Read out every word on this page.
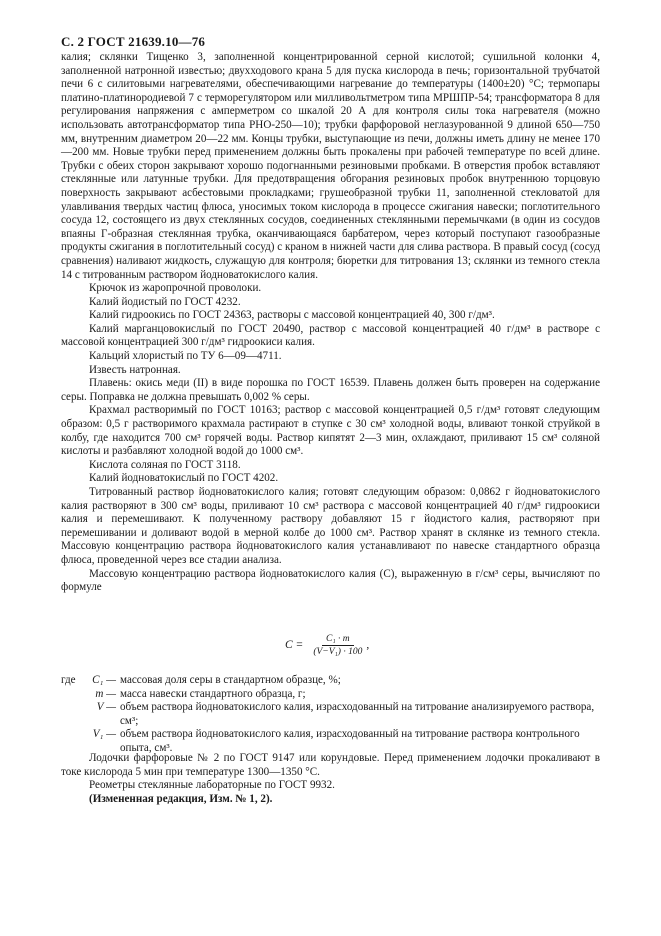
С. 2 ГОСТ 21639.10—76

калия; склянки Тищенко 3, заполненной концентрированной серной кислотой; сушильной колонки 4, заполненной натронной известью; двухходового крана 5 для пуска кислорода в печь; горизонтальной трубчатой печи 6 с силитовыми нагревателями, обеспечивающими нагревание до температуры (1400±20) °С; термопары платино-платинородиевой 7 с терморегулятором или милливольтметром типа МРШПР-54; трансформатора 8 для регулирования напряжения с амперметром со шкалой 20 А для контроля силы тока нагревателя (можно использовать автотрансформатор типа РНО-250—10); трубки фарфоровой неглазурованной 9 длиной 650—750 мм, внутренним диаметром 20—22 мм. Концы трубки, выступающие из печи, должны иметь длину не менее 170—200 мм. Новые трубки перед применением должны быть прокалены при рабочей температуре по всей длине. Трубки с обеих сторон закрывают хорошо подогнанными резиновыми пробками. В отверстия пробок вставляют стеклянные или латунные трубки. Для предотвращения обгорания резиновых пробок внутреннюю торцовую поверхность закрывают асбестовыми прокладками; грушеобразной трубки 11, заполненной стекловатой для улавливания твердых частиц флюса, уносимых током кислорода в процессе сжигания навески; поглотительного сосуда 12, состоящего из двух стеклянных сосудов, соединенных стеклянными перемычками (в один из сосудов впаяны Г-образная стеклянная трубка, оканчивающаяся барбатером, через который поступают газообразные продукты сжигания в поглотительный сосуд) с краном в нижней части для слива раствора. В правый сосуд (сосуд сравнения) наливают жидкость, служащую для контроля; бюретки для титрования 13; склянки из темного стекла 14 с титрованным раствором йодноватокислого калия.

Крючок из жаропрочной проволоки.

Калий йодистый по ГОСТ 4232.

Калий гидроокись по ГОСТ 24363, растворы с массовой концентрацией 40, 300 г/дм³.

Калий марганцовокислый по ГОСТ 20490, раствор с массовой концентрацией 40 г/дм³ в растворе с массовой концентрацией 300 г/дм³ гидроокиси калия.

Кальций хлористый по ТУ 6—09—4711.

Известь натронная.

Плавень: окись меди (II) в виде порошка по ГОСТ 16539. Плавень должен быть проверен на содержание серы. Поправка не должна превышать 0,002 % серы.

Крахмал растворимый по ГОСТ 10163; раствор с массовой концентрацией 0,5 г/дм³ готовят следующим образом: 0,5 г растворимого крахмала растирают в ступке с 30 см³ холодной воды, вливают тонкой струйкой в колбу, где находится 700 см³ горячей воды. Раствор кипятят 2—3 мин, охлаждают, приливают 15 см³ соляной кислоты и разбавляют холодной водой до 1000 см³.

Кислота соляная по ГОСТ 3118.

Калий йодноватокислый по ГОСТ 4202.

Титрованный раствор йодноватокислого калия; готовят следующим образом: 0,0862 г йодноватокислого калия растворяют в 300 см³ воды, приливают 10 см³ раствора с массовой концентрацией 40 г/дм³ гидроокиси калия и перемешивают. К полученному раствору добавляют 15 г йодистого калия, растворяют при перемешивании и доливают водой в мерной колбе до 1000 см³. Раствор хранят в склянке из темного стекла. Массовую концентрацию раствора йодноватокислого калия устанавливают по навеске стандартного образца флюса, проведенной через все стадии анализа.

Массовую концентрацию раствора йодноватокислого калия (C), выраженную в г/см³ серы, вычисляют по формуле

$C = \frac{\text{C₁ · m}}{\text{(V−V₁) · 100}}$ ,
где	C₁ — массовая доля серы в стандартном образце, %;
m — масса навески стандартного образца, г;
V — объем раствора йодноватокислого калия, израсходованный на титрование анализируемого раствора, см³;
V₁ — объем раствора йодноватокислого калия, израсходованный на титрование раствора контрольного опыта, см³.

Лодочки фарфоровые № 2 по ГОСТ 9147 или корундовые. Перед применением лодочки прокаливают в токе кислорода 5 мин при температуре 1300—1350 °С.

Реометры стеклянные лабораторные по ГОСТ 9932.

(Измененная редакция, Изм. № 1, 2).
